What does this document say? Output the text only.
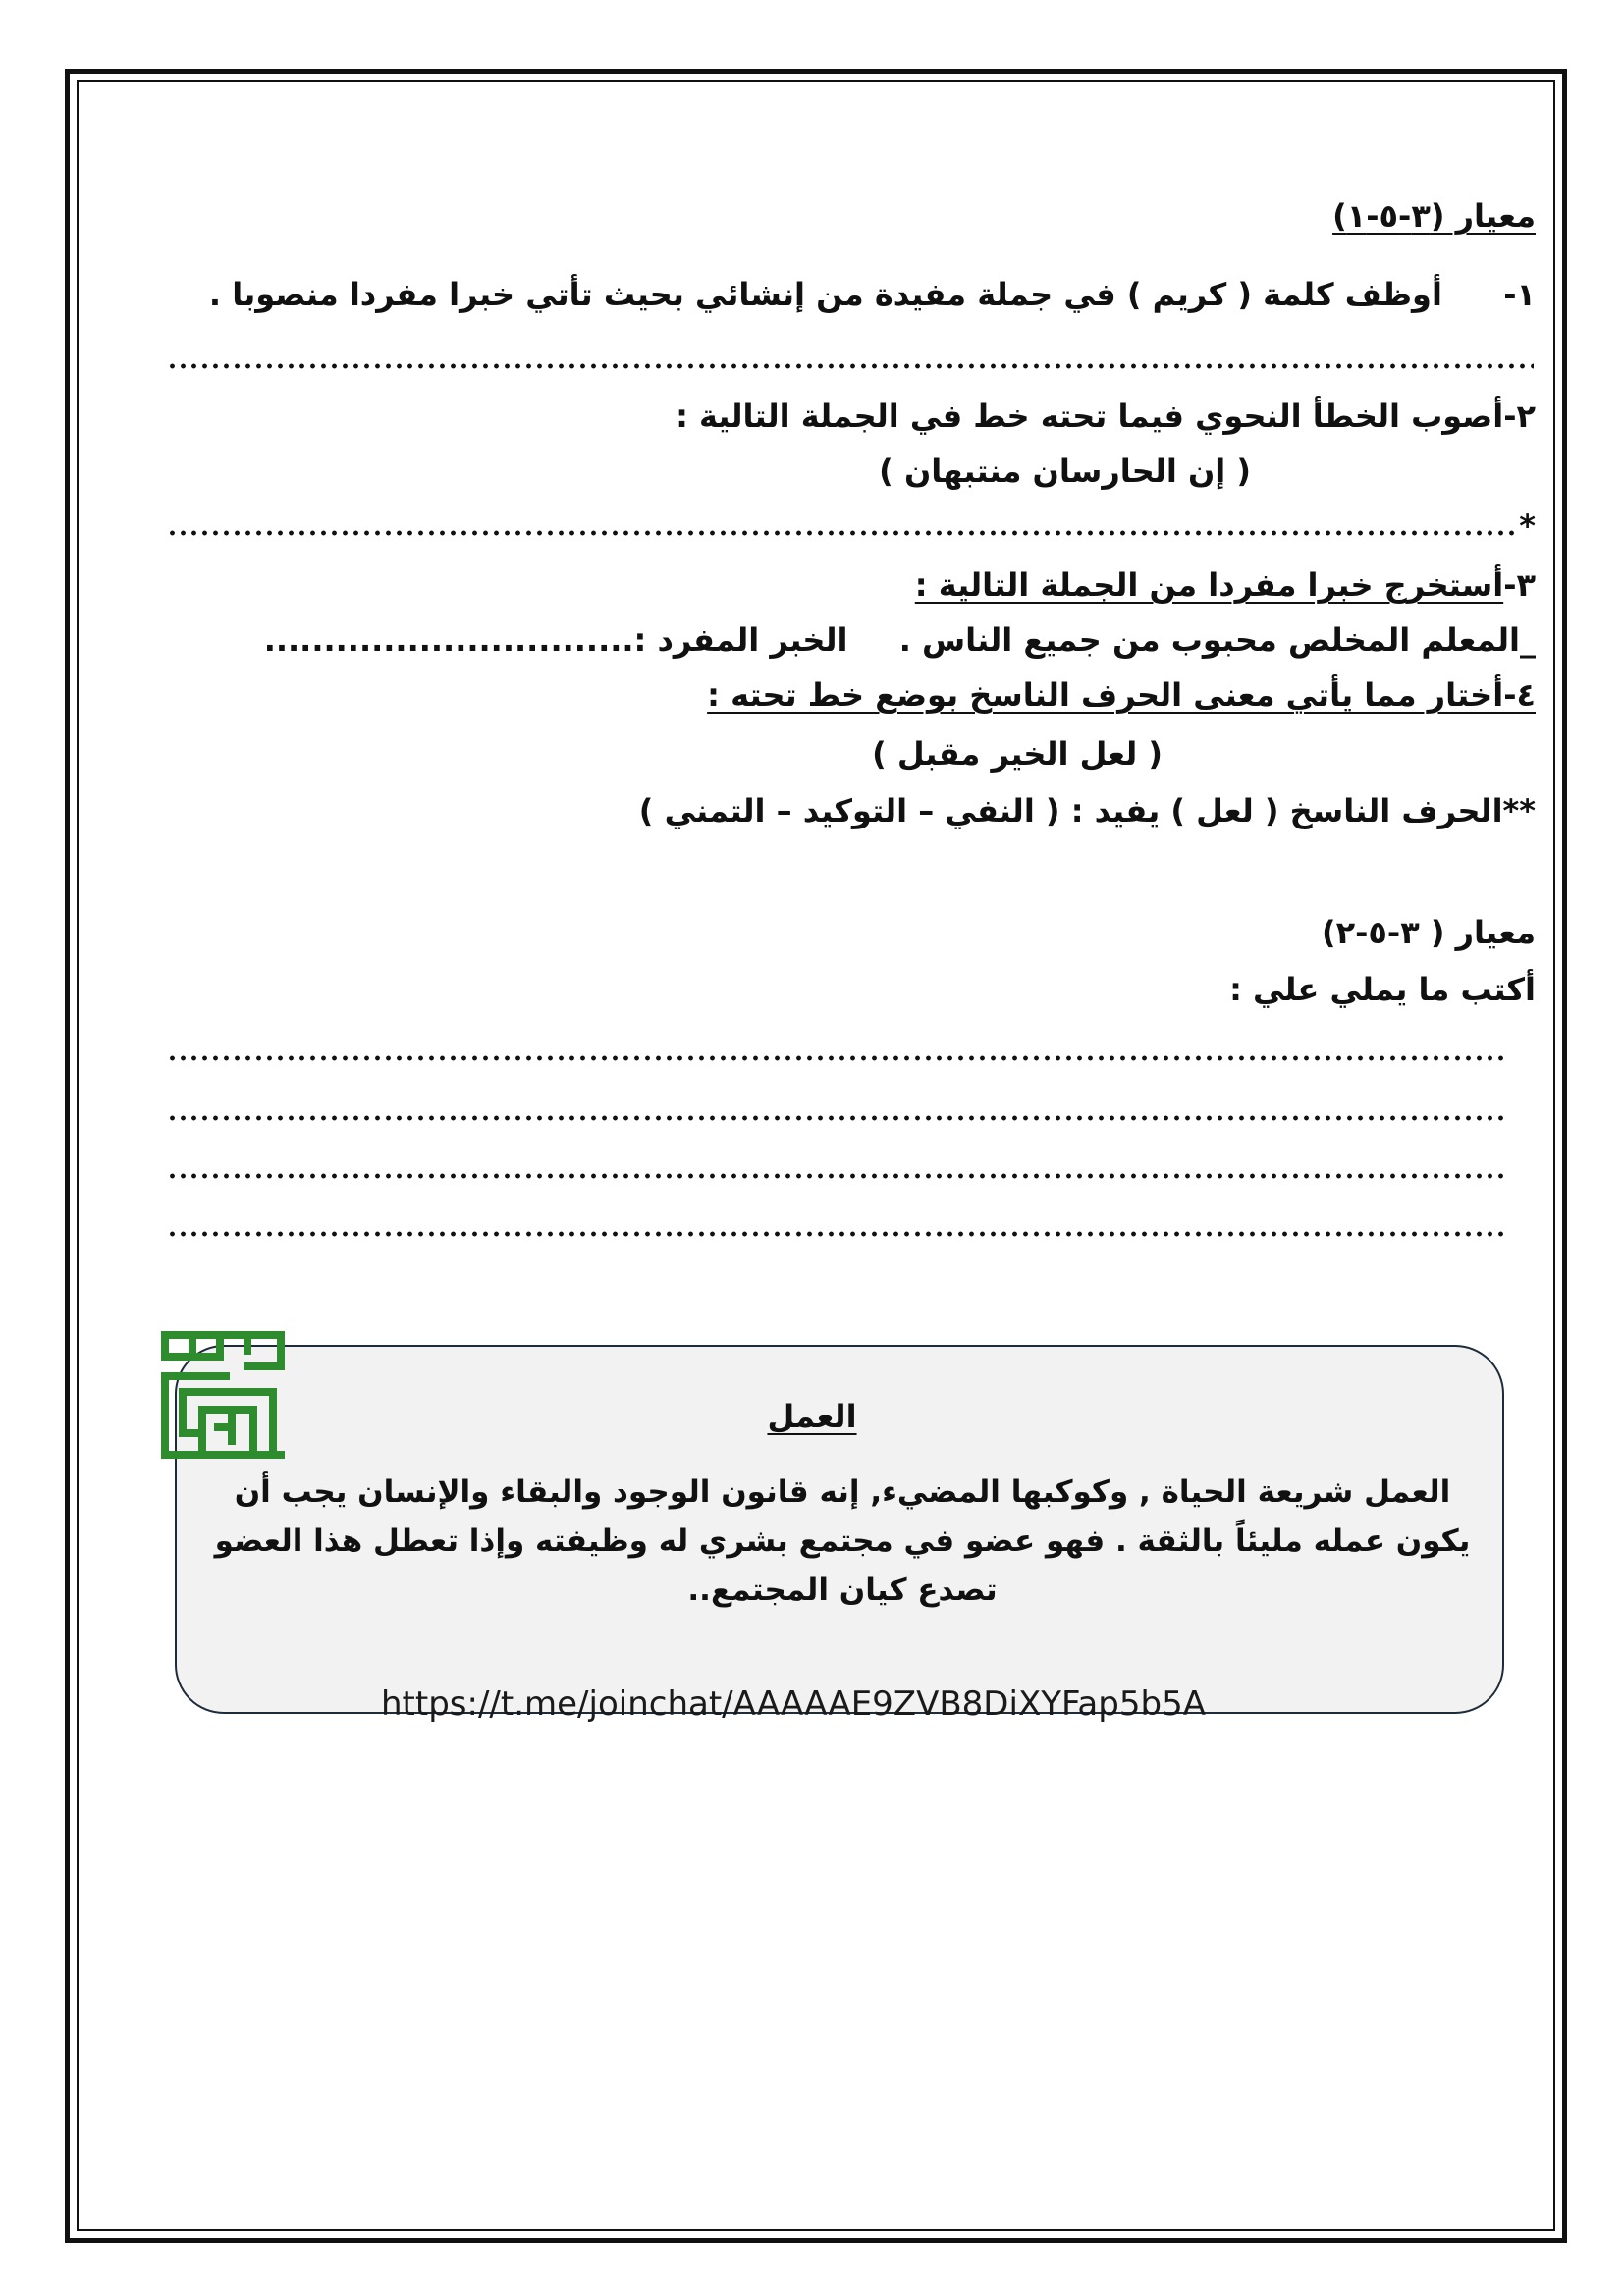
معيار (٣-٥-١)
١-  أوظف كلمة ( كريم ) في جملة مفيدة من إنشائي بحيث تأتي خبرا مفردا منصوبا .
٢-أصوب الخطأ النحوي فيما تحته خط في الجملة التالية :
( إن الحارسان منتبهان )
*
٣-أستخرج خبرا مفردا من الجملة التالية :
_المعلم المخلص محبوب من جميع الناس .  الخبر المفرد :...............................
٤-أختار مما يأتي معنى الحرف الناسخ بوضع خط تحته :
( لعل الخير مقبل )
**الحرف الناسخ ( لعل ) يفيد : ( النفي – التوكيد – التمني )
معيار ( ٣-٥-٢)
أكتب ما يملي علي :
العمل
العمل شريعة الحياة , وكوكبها المضيء, إنه قانون الوجود والبقاء والإنسان يجب أن
يكون عمله مليئاً بالثقة . فهو عضو في مجتمع بشري له وظيفته وإذا تعطل هذا العضو
تصدع كيان المجتمع..
https://t.me/joinchat/AAAAAE9ZVB8DiXYFap5b5A
